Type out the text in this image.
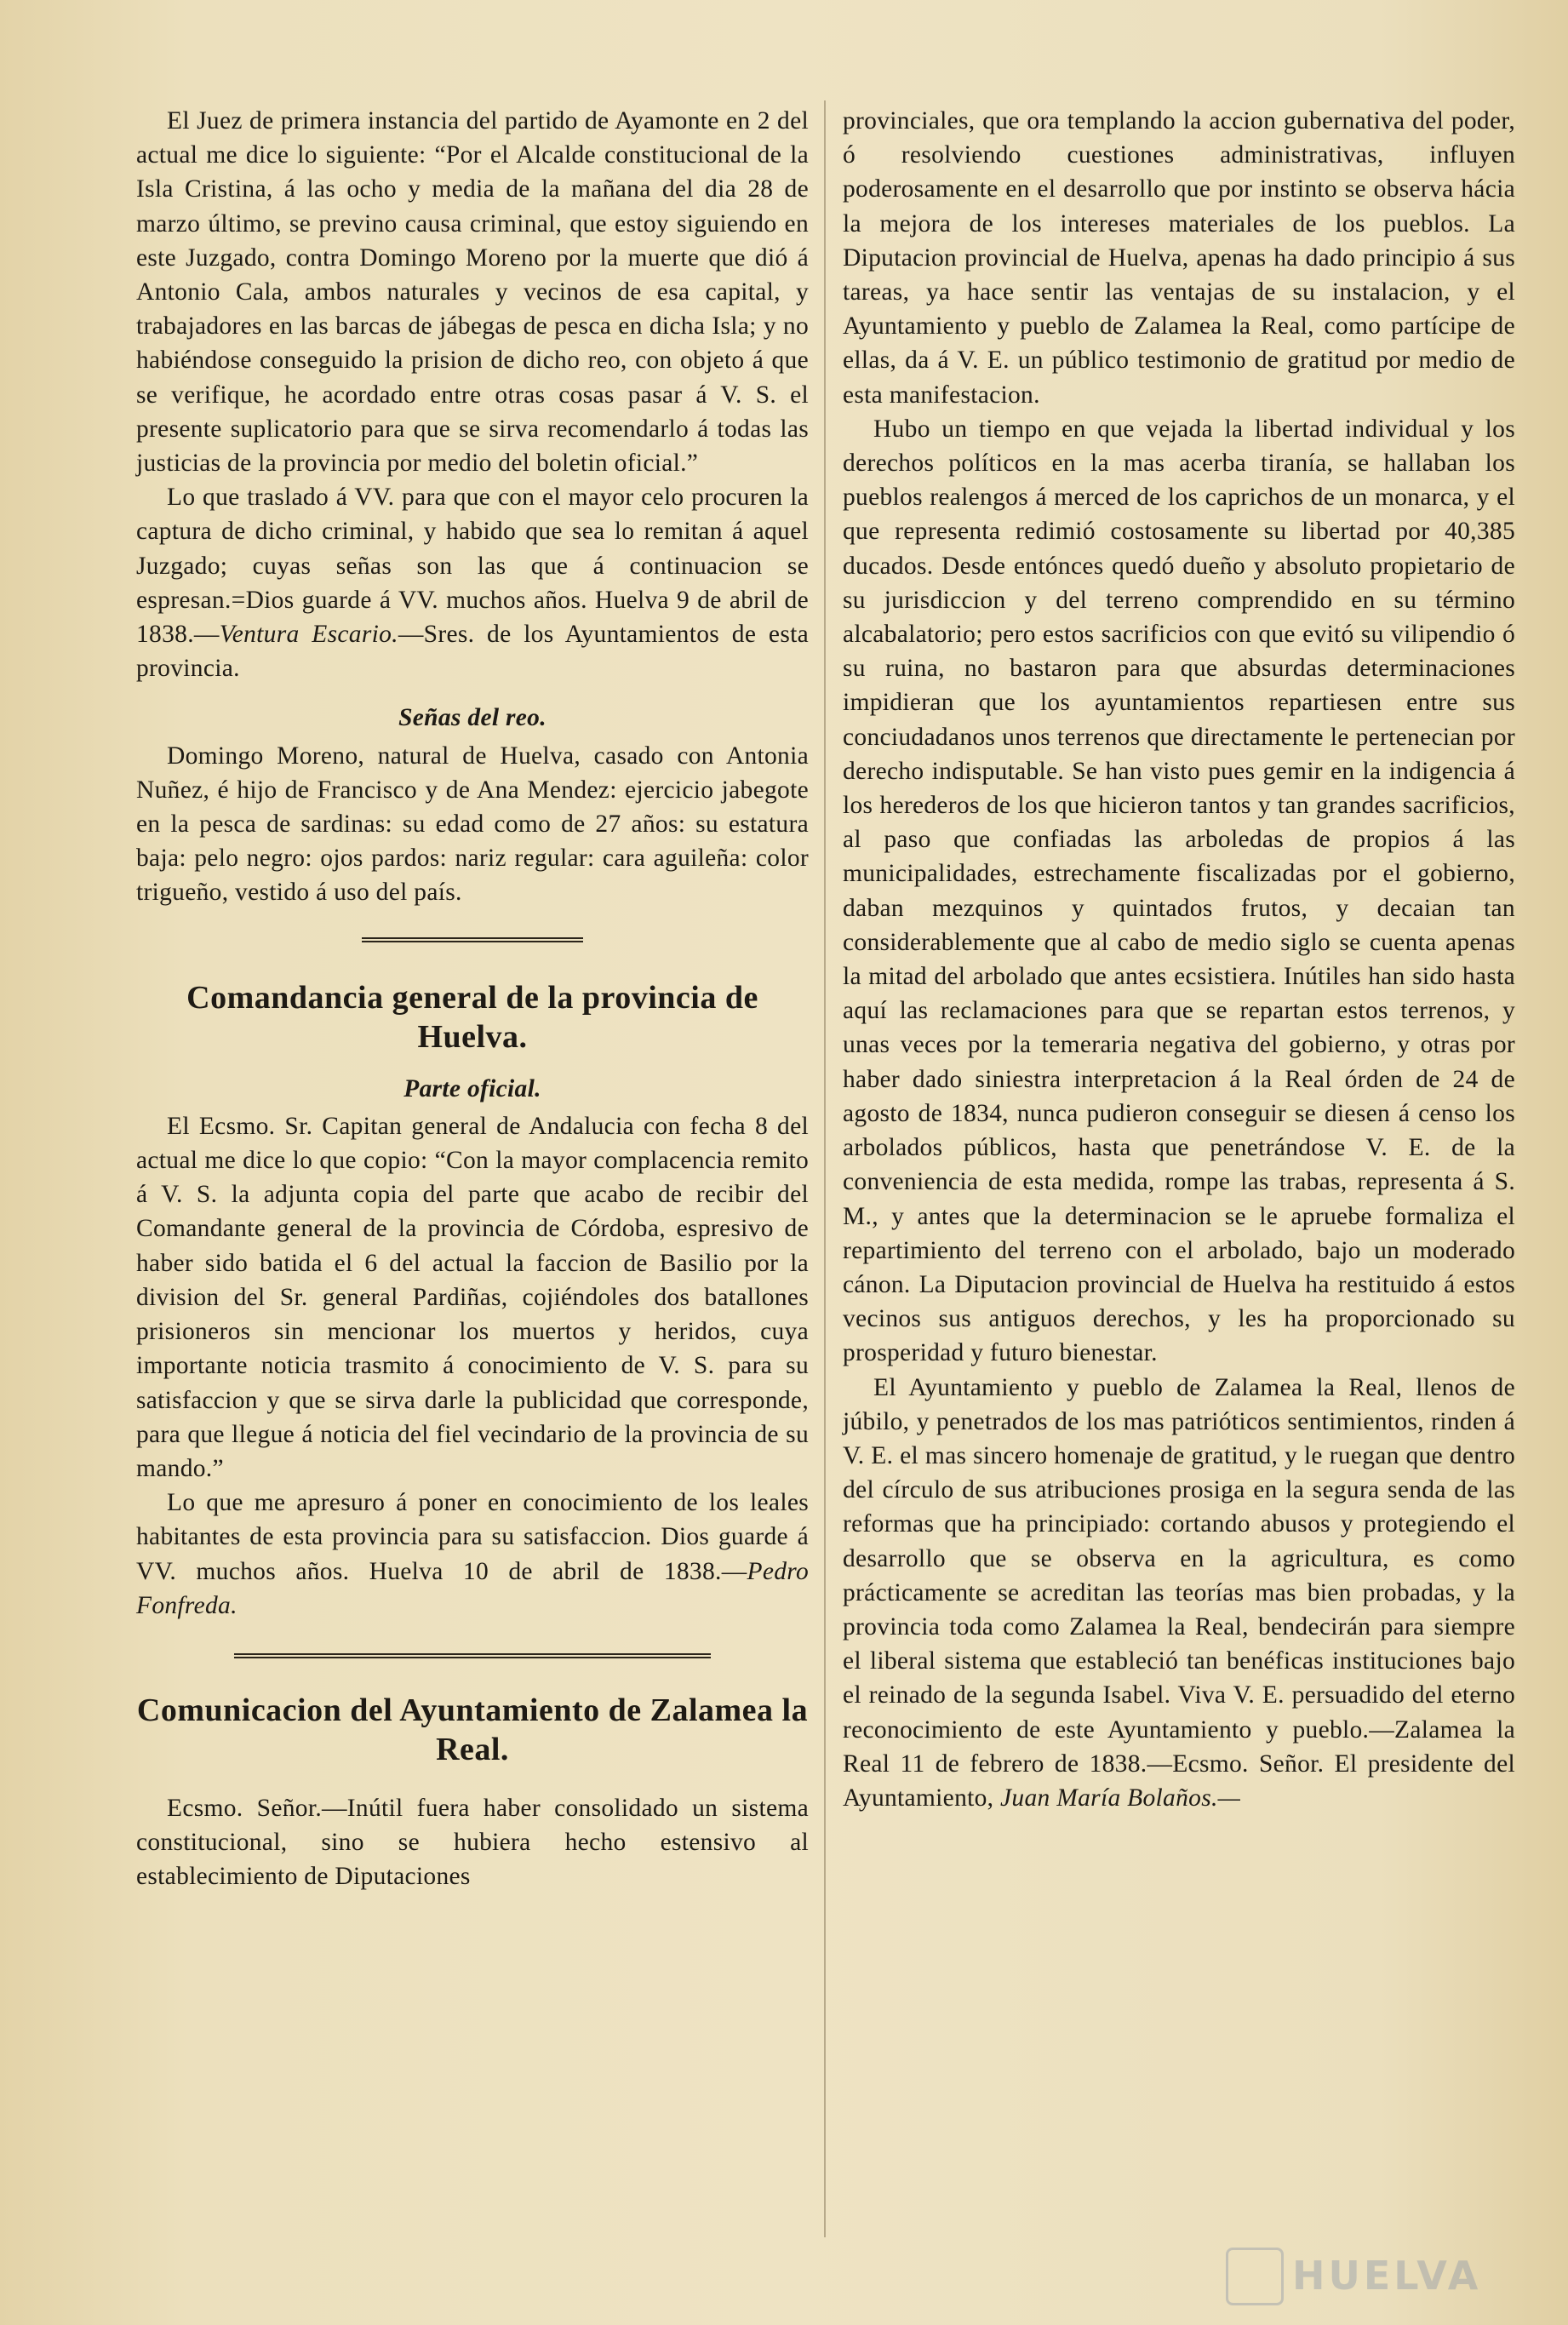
El Juez de primera instancia del partido de Ayamonte en 2 del actual me dice lo siguiente: “Por el Alcalde constitucional de la Isla Cristina, á las ocho y media de la mañana del dia 28 de marzo último, se previno causa criminal, que estoy siguiendo en este Juzgado, contra Domingo Moreno por la muerte que dió á Antonio Cala, ambos naturales y vecinos de esa capital, y trabajadores en las barcas de jábegas de pesca en dicha Isla; y no habiéndose conseguido la prision de dicho reo, con objeto á que se verifique, he acordado entre otras cosas pasar á V. S. el presente suplicatorio para que se sirva recomendarlo á todas las justicias de la provincia por medio del boletin oficial.”

Lo que traslado á VV. para que con el mayor celo procuren la captura de dicho criminal, y habido que sea lo remitan á aquel Juzgado; cuyas señas son las que á continuacion se espresan.=Dios guarde á VV. muchos años. Huelva 9 de abril de 1838.—Ventura Escario.—Sres. de los Ayuntamientos de esta provincia.

Señas del reo.

Domingo Moreno, natural de Huelva, casado con Antonia Nuñez, é hijo de Francisco y de Ana Mendez: ejercicio jabegote en la pesca de sardinas: su edad como de 27 años: su estatura baja: pelo negro: ojos pardos: nariz regular: cara aguileña: color trigueño, vestido á uso del país.

Comandancia general de la provincia de Huelva.

Parte oficial.

El Ecsmo. Sr. Capitan general de Andalucia con fecha 8 del actual me dice lo que copio: “Con la mayor complacencia remito á V. S. la adjunta copia del parte que acabo de recibir del Comandante general de la provincia de Córdoba, espresivo de haber sido batida el 6 del actual la faccion de Basilio por la division del Sr. general Pardiñas, cojiéndoles dos batallones prisioneros sin mencionar los muertos y heridos, cuya importante noticia trasmito á conocimiento de V. S. para su satisfaccion y que se sirva darle la publicidad que corresponde, para que llegue á noticia del fiel vecindario de la provincia de su mando.”

Lo que me apresuro á poner en conocimiento de los leales habitantes de esta provincia para su satisfaccion. Dios guarde á VV. muchos años. Huelva 10 de abril de 1838.—Pedro Fonfreda.

Comunicacion del Ayuntamiento de Zalamea la Real.

Ecsmo. Señor.—Inútil fuera haber consolidado un sistema constitucional, sino se hubiera hecho estensivo al establecimiento de Diputaciones

provinciales, que ora templando la accion gubernativa del poder, ó resolviendo cuestiones administrativas, influyen poderosamente en el desarrollo que por instinto se observa hácia la mejora de los intereses materiales de los pueblos. La Diputacion provincial de Huelva, apenas ha dado principio á sus tareas, ya hace sentir las ventajas de su instalacion, y el Ayuntamiento y pueblo de Zalamea la Real, como partícipe de ellas, da á V. E. un público testimonio de gratitud por medio de esta manifestacion.

Hubo un tiempo en que vejada la libertad individual y los derechos políticos en la mas acerba tiranía, se hallaban los pueblos realengos á merced de los caprichos de un monarca, y el que representa redimió costosamente su libertad por 40,385 ducados. Desde entónces quedó dueño y absoluto propietario de su jurisdiccion y del terreno comprendido en su término alcabalatorio; pero estos sacrificios con que evitó su vilipendio ó su ruina, no bastaron para que absurdas determinaciones impidieran que los ayuntamientos repartiesen entre sus conciudadanos unos terrenos que directamente le pertenecian por derecho indisputable. Se han visto pues gemir en la indigencia á los herederos de los que hicieron tantos y tan grandes sacrificios, al paso que confiadas las arboledas de propios á las municipalidades, estrechamente fiscalizadas por el gobierno, daban mezquinos y quintados frutos, y decaian tan considerablemente que al cabo de medio siglo se cuenta apenas la mitad del arbolado que antes ecsistiera. Inútiles han sido hasta aquí las reclamaciones para que se repartan estos terrenos, y unas veces por la temeraria negativa del gobierno, y otras por haber dado siniestra interpretacion á la Real órden de 24 de agosto de 1834, nunca pudieron conseguir se diesen á censo los arbolados públicos, hasta que penetrándose V. E. de la conveniencia de esta medida, rompe las trabas, representa á S. M., y antes que la determinacion se le apruebe formaliza el repartimiento del terreno con el arbolado, bajo un moderado cánon. La Diputacion provincial de Huelva ha restituido á estos vecinos sus antiguos derechos, y les ha proporcionado su prosperidad y futuro bienestar.

El Ayuntamiento y pueblo de Zalamea la Real, llenos de júbilo, y penetrados de los mas patrióticos sentimientos, rinden á V. E. el mas sincero homenaje de gratitud, y le ruegan que dentro del círculo de sus atribuciones prosiga en la segura senda de las reformas que ha principiado: cortando abusos y protegiendo el desarrollo que se observa en la agricultura, es como prácticamente se acreditan las teorías mas bien probadas, y la provincia toda como Zalamea la Real, bendecirán para siempre el liberal sistema que estableció tan benéficas instituciones bajo el reinado de la segunda Isabel. Viva V. E. persuadido del eterno reconocimiento de este Ayuntamiento y pueblo.—Zalamea la Real 11 de febrero de 1838.—Ecsmo. Señor. El presidente del Ayuntamiento, Juan María Bolaños.—

HUELVA
